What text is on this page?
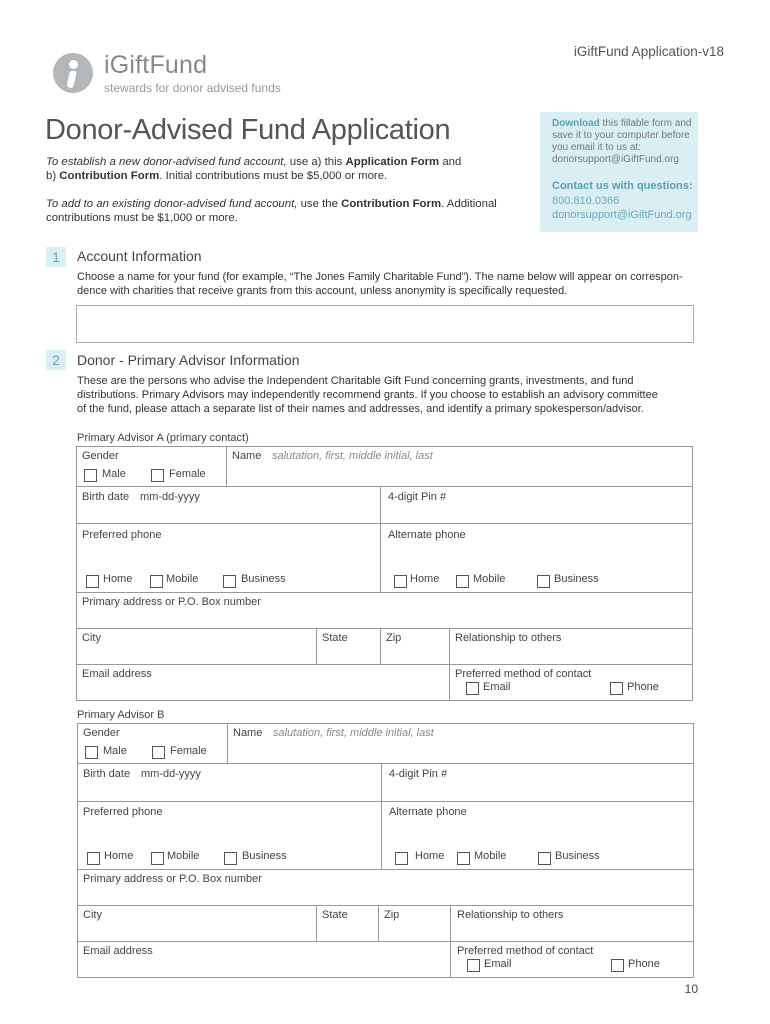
iGiftFund Application-v18
iGiftFund
stewards for donor advised funds
Donor-Advised Fund Application
To establish a new donor-advised fund account, use a) this Application Form and
b) Contribution Form. Initial contributions must be $5,000 or more.
To add to an existing donor-advised fund account, use the Contribution Form. Additional
contributions must be $1,000 or more.
Download this fillable form and
save it to your computer before
you email it to us at:
donorsupport@iGiftFund.org
Contact us with questions:
800.810.0366
donorsupport@iGiftFund.org
1	Account Information
Choose a name for your fund (for example, “The Jones Family Charitable Fund”). The name below will appear on correspon-
dence with charities that receive grants from this account, unless anonymity is specifically requested.
2	Donor - Primary Advisor Information
These are the persons who advise the Independent Charitable Gift Fund concerning grants, investments, and fund
distributions. Primary Advisors may independently recommend grants. If you choose to establish an advisory committee
of the fund, please attach a separate list of their names and addresses, and identify a primary spokesperson/advisor.
Primary Advisor A (primary contact)
Gender
Male	Female
Name salutation, first, middle initial, last
Birth date mm-dd-yyyy	4-digit Pin #
Preferred phone	Alternate phone
Home	Mobile	Business	Home	Mobile	Business
Primary address or P.O. Box number
City	State	Zip	Relationship to others
Email address	Preferred method of contact
Email	Phone
Primary Advisor B
Gender
Male	Female
Name salutation, first, middle initial, last
Birth date mm-dd-yyyy	4-digit Pin #
Preferred phone	Alternate phone
Home	Mobile	Business	Home	Mobile	Business
Primary address or P.O. Box number
City	State	Zip	Relationship to others
Email address	Preferred method of contact
Email	Phone
10
